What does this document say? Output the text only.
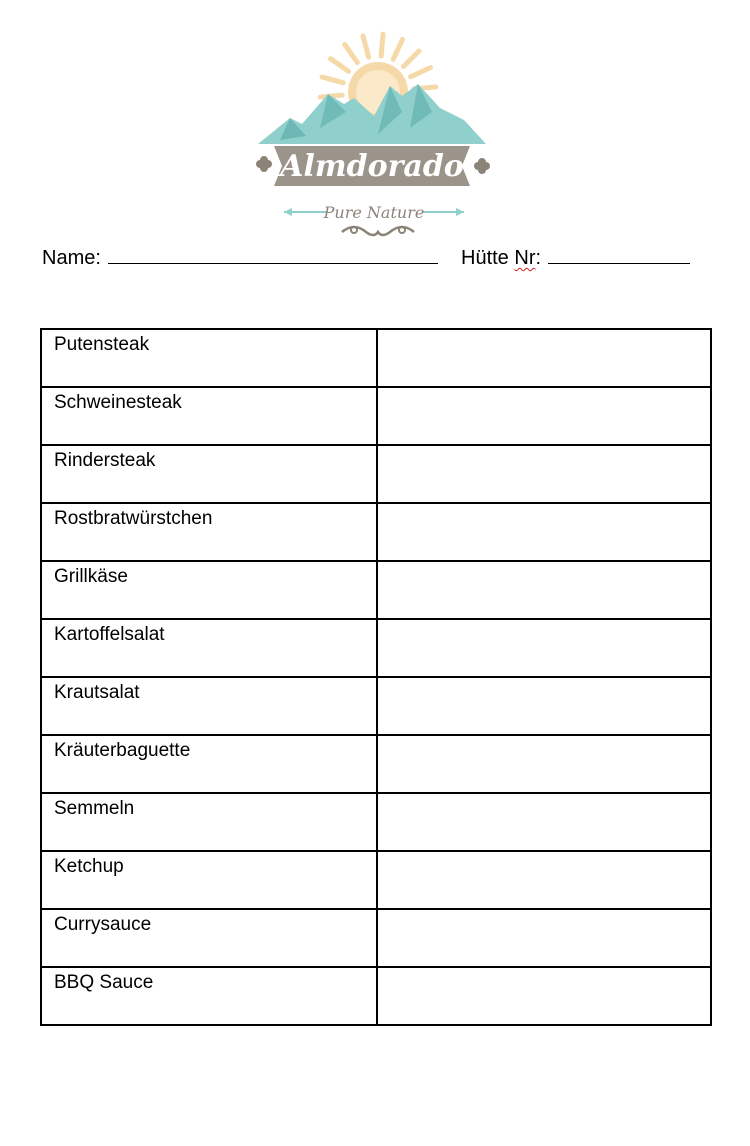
Almdorado
Pure Nature
Name:	Hütte Nr:
Putensteak	
Schweinesteak	
Rindersteak	
Rostbratwürstchen	
Grillkäse	
Kartoffelsalat	
Krautsalat	
Kräuterbaguette	
Semmeln	
Ketchup	
Currysauce	
BBQ Sauce	
